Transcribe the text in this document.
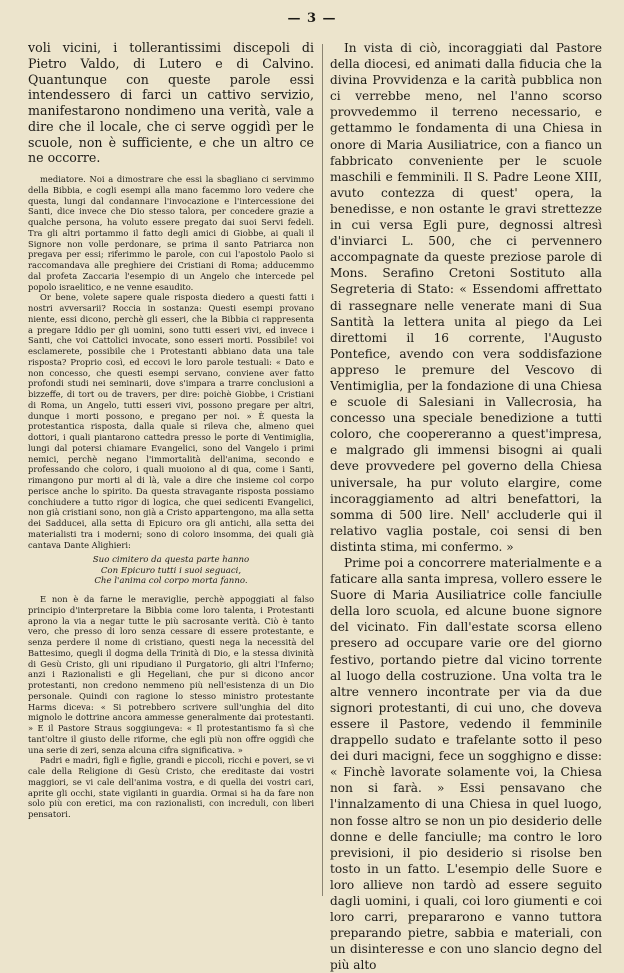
— 3 —

voli vicini, i tollerantissimi discepoli di Pietro Valdo, di Lutero e di Calvino. Quantunque con queste parole essi intendessero di farci un cattivo servizio, manifestarono nondimeno una verità, vale a dire che il locale, che ci serve oggidì per le scuole, non è sufficiente, e che un altro ce ne occorre.

mediatore. Noi a dimostrare che essi la sbagliano ci servimmo della Bibbia, e cogli esempi alla mano facemmo loro vedere che questa, lungi dal condannare l'invocazione e l'intercessione dei Santi, dice invece che Dio stesso talora, per concedere grazie a qualche persona, ha voluto essere pregato dai suoi Servi fedeli. Tra gli altri portammo il fatto degli amici di Giobbe, ai quali il Signore non volle perdonare, se prima il santo Patriarca non pregava per essi; riferimmo le parole, con cui l'apostolo Paolo si raccomandava alle preghiere dei Cristiani di Roma; adducemmo dal profeta Zaccaria l'esempio di un Angelo che intercede pel popolo israelitico, e ne venne esaudito.

Or bene, volete sapere quale risposta diedero a questi fatti i nostri avversarii? Roccia in sostanza: Questi esempi provano niente, essi dicono, perchè gli esseri, che la Bibbia ci rappresenta a pregare Iddio per gli uomini, sono tutti esseri vivi, ed invece i Santi, che voi Cattolici invocate, sono esseri morti. Possibile! voi esclamerete, possibile che i Protestanti abbiano data una tale risposta? Proprio così, ed eccovi le loro parole testuali: « Dato e non concesso, che questi esempi servano, conviene aver fatto profondi studi nei seminarii, dove s'impara a trarre conclusioni a bizzeffe, di tort ou de travers, per dire: poichè Giobbe, i Cristiani di Roma, un Angelo, tutti esseri vivi, possono pregare per altri, dunque i morti possono, e pregano per noi. » È questa la protestantica risposta, dalla quale si rileva che, almeno quei dottori, i quali piantarono cattedra presso le porte di Ventimiglia, lungi dal potersi chiamare Evangelici, sono del Vangelo i primi nemici, perchè negano l'immortalità dell'anima, secondo e professando che coloro, i quali muoiono al di qua, come i Santi, rimangono pur morti al di là, vale a dire che insieme col corpo perisce anche lo spirito. Da questa stravagante risposta possiamo conchiudere a tutto rigor di logica, che quei sedicenti Evangelici, non già cristiani sono, non già a Cristo appartengono, ma alla setta dei Sadducei, alla setta di Epicuro ora gli antichi, alla setta dei materialisti tra i moderni; sono di coloro insomma, dei quali già cantava Dante Alighieri:

Suo cimitero da questa parte hanno
Con Epicuro tutti i suoi seguaci,
Che l'anima col corpo morta fanno.

E non è da farne le meraviglie, perchè appoggiati al falso principio d'interpretare la Bibbia come loro talenta, i Protestanti aprono la via a negar tutte le più sacrosante verità. Ciò è tanto vero, che presso di loro senza cessare di essere protestante, e senza perdere il nome di cristiano, questi nega la necessità del Battesimo, quegli il dogma della Trinità di Dio, e la stessa divinità di Gesù Cristo, gli uni ripudiano il Purgatorio, gli altri l'Inferno; anzi i Razionalisti e gli Hegeliani, che pur si dicono ancor protestanti, non credono nemmeno più nell'esistenza di un Dio personale. Quindi con ragione lo stesso ministro protestante Harms diceva: « Si potrebbero scrivere sull'unghia del dito mignolo le dottrine ancora ammesse generalmente dai protestanti. » E il Pastore Straus soggiungeva: « Il protestantismo fa sì che tant'oltre il giusto delle riforme, che egli più non offre oggidì che una serie di zeri, senza alcuna cifra significativa. »

Padri e madri, figli e figlie, grandi e piccoli, ricchi e poveri, se vi cale della Religione di Gesù Cristo, che ereditaste dai vostri maggiori, se vi cale dell'anima vostra, e di quella dei vostri cari, aprite gli occhi, state vigilanti in guardia. Ormai si ha da fare non solo più con eretici, ma con razionalisti, con increduli, con liberi pensatori.

In vista di ciò, incoraggiati dal Pastore della diocesi, ed animati dalla fiducia che la divina Provvidenza e la carità pubblica non ci verrebbe meno, nel l'anno scorso provvedemmo il terreno necessario, e gettammo le fondamenta di una Chiesa in onore di Maria Ausiliatrice, con a fianco un fabbricato conveniente per le scuole maschili e femminili. Il S. Padre Leone XIII, avuto contezza di quest' opera, la benedisse, e non ostante le gravi strettezze in cui versa Egli pure, degnossi altresì d'inviarci L. 500, che ci pervennero accompagnate da queste preziose parole di Mons. Serafino Cretoni Sostituto alla Segreteria di Stato: « Essendomi affrettato di rassegnare nelle venerate mani di Sua Santità la lettera unita al piego da Lei direttomi il 16 corrente, l'Augusto Pontefice, avendo con vera soddisfazione appreso le premure del Vescovo di Ventimiglia, per la fondazione di una Chiesa e scuole di Salesiani in Vallecrosia, ha concesso una speciale benedizione a tutti coloro, che coopereranno a quest'impresa, e malgrado gli immensi bisogni ai quali deve provvedere pel governo della Chiesa universale, ha pur voluto elargire, come incoraggiamento ad altri benefattori, la somma di 500 lire. Nell' accluderle qui il relativo vaglia postale, coi sensi di ben distinta stima, mi confermo. »

Prime poi a concorrere materialmente e a faticare alla santa impresa, vollero essere le Suore di Maria Ausiliatrice colle fanciulle della loro scuola, ed alcune buone signore del vicinato. Fin dall'estate scorsa elleno presero ad occupare varie ore del giorno festivo, portando pietre dal vicino torrente al luogo della costruzione. Una volta tra le altre vennero incontrate per via da due signori protestanti, di cui uno, che doveva essere il Pastore, vedendo il femminile drappello sudato e trafelante sotto il peso dei duri macigni, fece un sogghigno e disse: « Finchè lavorate solamente voi, la Chiesa non si farà. » Essi pensavano che l'innalzamento di una Chiesa in quel luogo, non fosse altro se non un pio desiderio delle donne e delle fanciulle; ma contro le loro previsioni, il pio desiderio si risolse ben tosto in un fatto. L'esempio delle Suore e loro allieve non tardò ad essere seguito dagli uomini, i quali, coi loro giumenti e coi loro carri, prepararono e vanno tuttora preparando pietre, sabbia e materiali, con un disinteresse e con uno slancio degno del più alto
